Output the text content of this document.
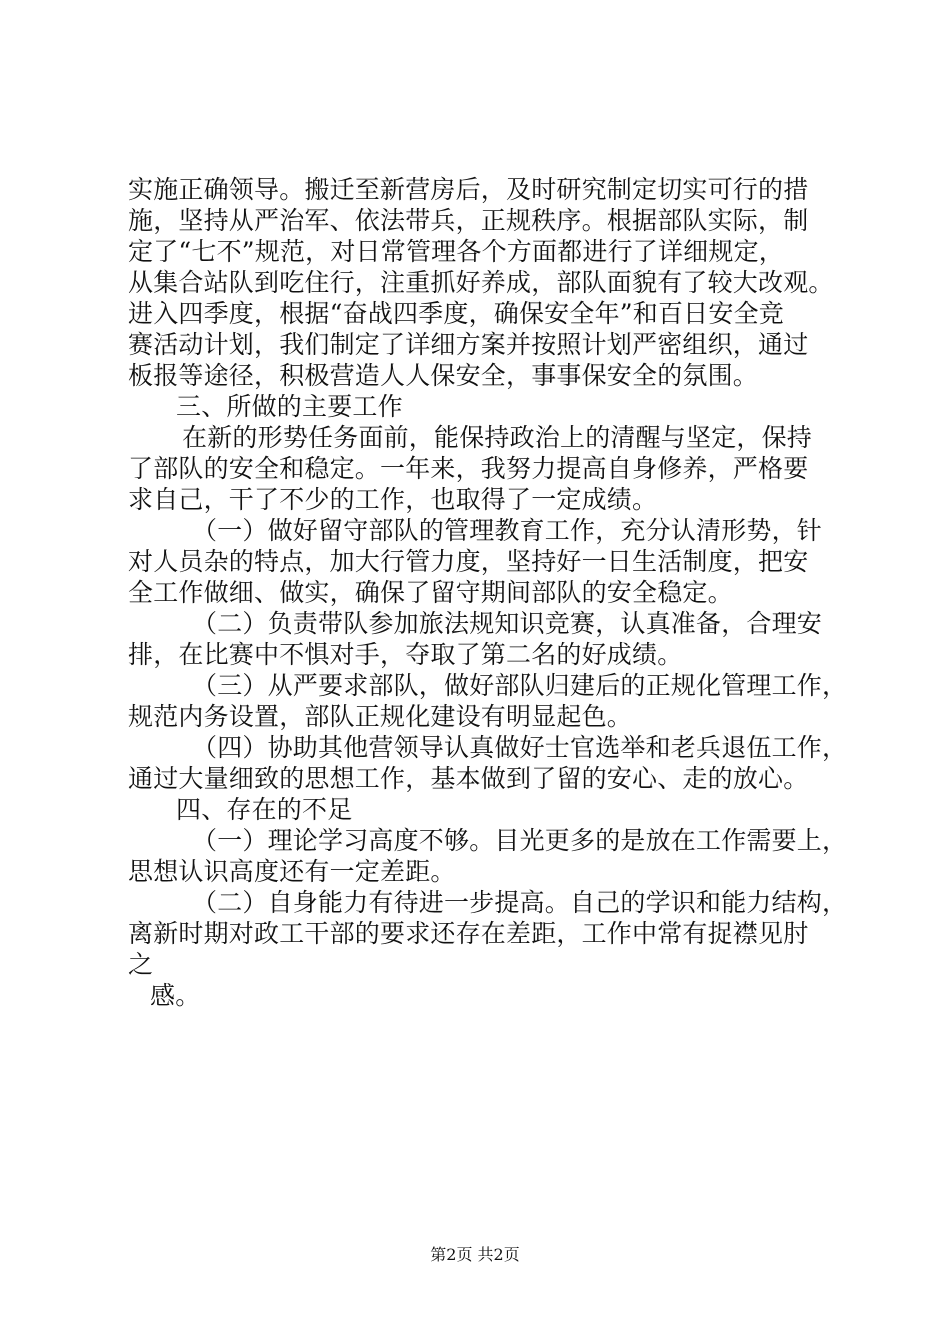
实施正确领导。搬迁至新营房后，及时研究制定切实可行的措
施，坚持从严治军、依法带兵，正规秩序。根据部队实际，制
定了“七不”规范，对日常管理各个方面都进行了详细规定，
从集合站队到吃住行，注重抓好养成，部队面貌有了较大改观。
进入四季度，根据“奋战四季度，确保安全年”和百日安全竞
赛活动计划，我们制定了详细方案并按照计划严密组织，通过
板报等途径，积极营造人人保安全，事事保安全的氛围。
三、所做的主要工作
在新的形势任务面前，能保持政治上的清醒与坚定，保持
了部队的安全和稳定。一年来，我努力提高自身修养，严格要
求自己，干了不少的工作，也取得了一定成绩。
（一）做好留守部队的管理教育工作，充分认清形势，针
对人员杂的特点，加大行管力度，坚持好一日生活制度，把安
全工作做细、做实，确保了留守期间部队的安全稳定。
（二）负责带队参加旅法规知识竞赛，认真准备，合理安
排，在比赛中不惧对手，夺取了第二名的好成绩。
（三）从严要求部队，做好部队归建后的正规化管理工作，
规范内务设置，部队正规化建设有明显起色。
（四）协助其他营领导认真做好士官选举和老兵退伍工作，
通过大量细致的思想工作，基本做到了留的安心、走的放心。
四、存在的不足
（一）理论学习高度不够。目光更多的是放在工作需要上，
思想认识高度还有一定差距。
（二）自身能力有待进一步提高。自己的学识和能力结构，
离新时期对政工干部的要求还存在差距，工作中常有捉襟见肘
之
感。
第2页 共2页
